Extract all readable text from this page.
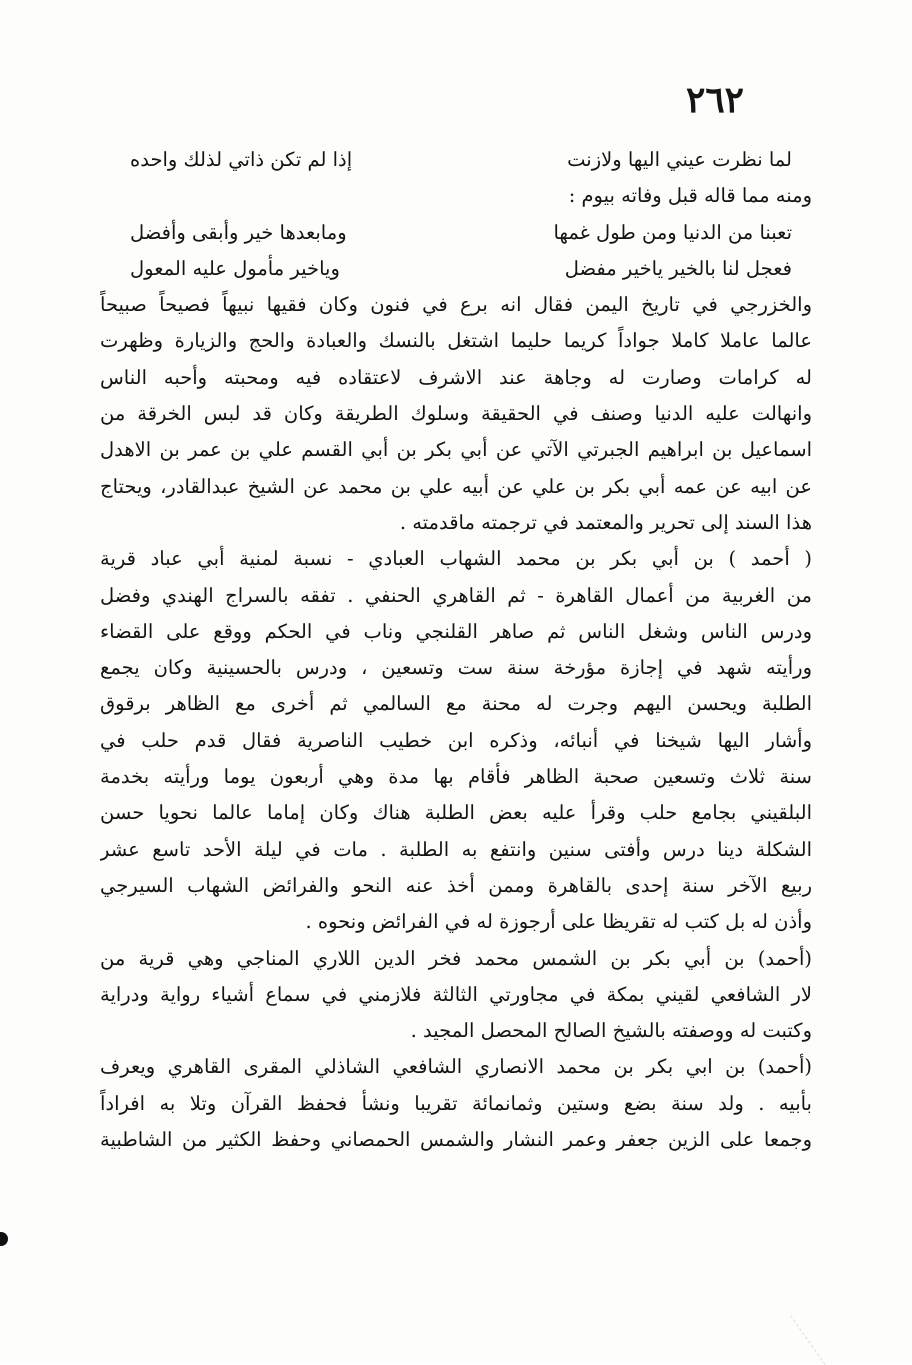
٢٦٢
لما نظرت عيني اليها ولازنت
إذا لم تكن ذاتي لذلك واحده
ومنه مما قاله قبل وفاته بيوم :
تعبنا من الدنيا ومن طول غمها
ومابعدها خير وأبقى وأفضل
فعجل لنا بالخير ياخير مفضل
وياخير مأمول عليه المعول
والخزرجي في تاريخ اليمن فقال انه برع في فنون وكان فقيها نبيهاً فصيحاً صبيحاً
عالما عاملا كاملا جواداً كريما حليما اشتغل بالنسك والعبادة والحج والزيارة وظهرت
له كرامات وصارت له وجاهة عند الاشرف لاعتقاده فيه ومحبته وأحبه الناس
وانهالت عليه الدنيا وصنف في الحقيقة وسلوك الطريقة وكان قد لبس الخرقة من
اسماعيل بن ابراهيم الجبرتي الآتي عن أبي بكر بن أبي القسم علي بن عمر بن الاهدل
عن ابيه عن عمه أبي بكر بن علي عن أبيه علي بن محمد عن الشيخ عبدالقادر، ويحتاج
هذا السند إلى تحرير والمعتمد في ترجمته ماقدمته .
( أحمد ) بن أبي بكر بن محمد الشهاب العبادي - نسبة لمنية أبي عباد قرية
من الغربية من أعمال القاهرة - ثم القاهري الحنفي . تفقه بالسراج الهندي وفضل
ودرس الناس وشغل الناس ثم صاهر القلنجي وناب في الحكم ووقع على القضاء
ورأيته شهد في إجازة مؤرخة سنة ست وتسعين ، ودرس بالحسينية وكان يجمع
الطلبة ويحسن اليهم وجرت له محنة مع السالمي ثم أخرى مع الظاهر برقوق
وأشار اليها شيخنا في أنبائه، وذكره ابن خطيب الناصرية فقال قدم حلب في
سنة ثلاث وتسعين صحبة الظاهر فأقام بها مدة وهي أربعون يوما ورأيته بخدمة
البلقيني بجامع حلب وقرأ عليه بعض الطلبة هناك وكان إماما عالما نحويا حسن
الشكلة دينا درس وأفتى سنين وانتفع به الطلبة . مات في ليلة الأحد تاسع عشر
ربيع الآخر سنة إحدى بالقاهرة وممن أخذ عنه النحو والفرائض الشهاب السيرجي
وأذن له بل كتب له تقريظا على أرجوزة له في الفرائض ونحوه .
(أحمد) بن أبي بكر بن الشمس محمد فخر الدين اللاري المناجي وهي قرية من
لار الشافعي لقيني بمكة في مجاورتي الثالثة فلازمني في سماع أشياء رواية ودراية
وكتبت له ووصفته بالشيخ الصالح المحصل المجيد .
(أحمد) بن ابي بكر بن محمد الانصاري الشافعي الشاذلي المقرى القاهري ويعرف
بأبيه . ولد سنة بضع وستين وثمانمائة تقريبا ونشأ فحفظ القرآن وتلا به افراداً
وجمعا على الزين جعفر وعمر النشار والشمس الحمصاني وحفظ الكثير من الشاطبية
